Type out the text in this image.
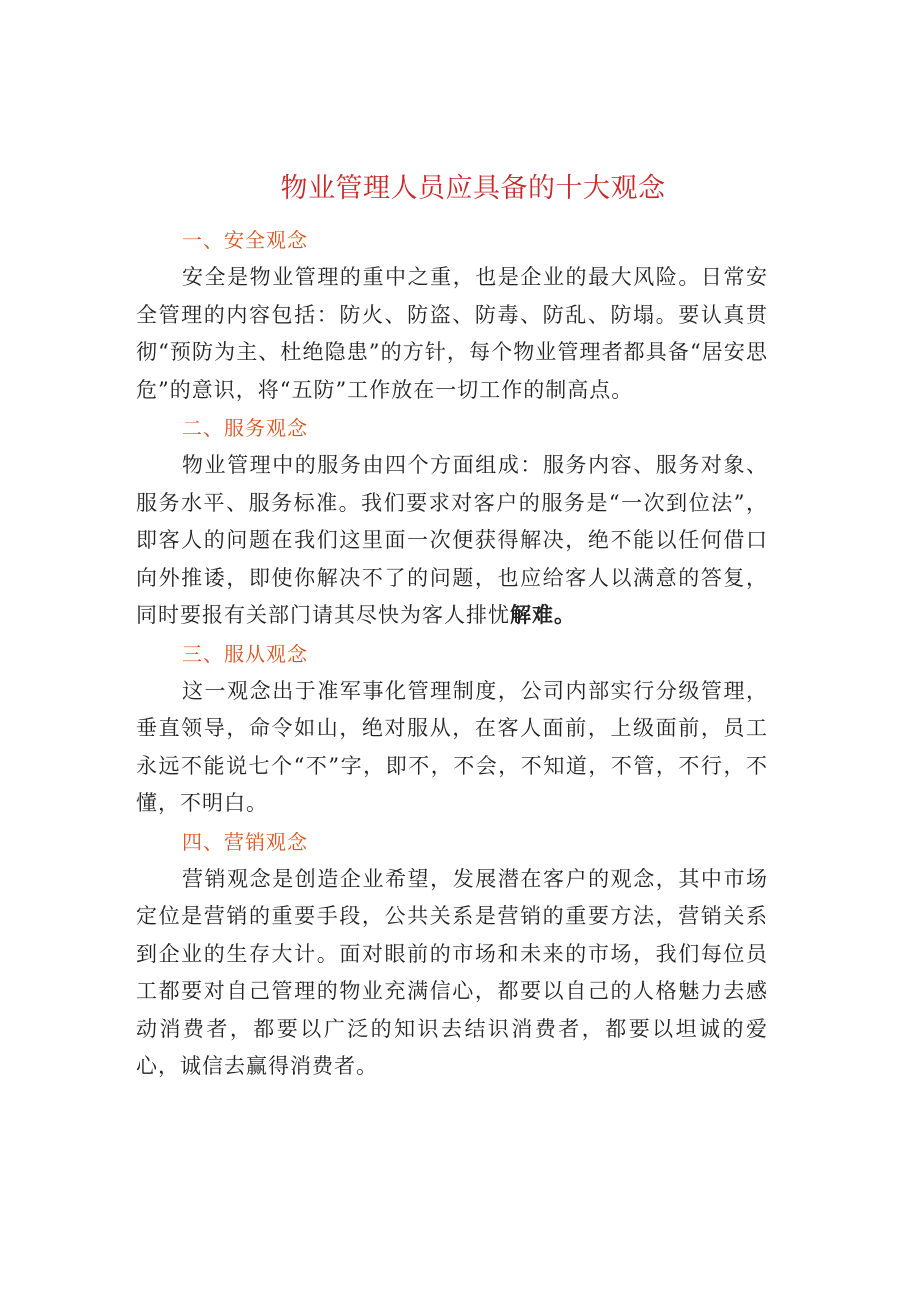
物业管理人员应具备的十大观念
一、安全观念

安全是物业管理的重中之重，也是企业的最大风险。日常安全管理的内容包括：防火、防盗、防毒、防乱、防塌。要认真贯彻“预防为主、杜绝隐患”的方针，每个物业管理者都具备“居安思危”的意识，将“五防”工作放在一切工作的制高点。

二、服务观念

物业管理中的服务由四个方面组成：服务内容、服务对象、服务水平、服务标准。我们要求对客户的服务是“一次到位法”，即客人的问题在我们这里面一次便获得解决，绝不能以任何借口向外推诿，即使你解决不了的问题，也应给客人以满意的答复，同时要报有关部门请其尽快为客人排忧解难。

三、服从观念

这一观念出于准军事化管理制度，公司内部实行分级管理，垂直领导，命令如山，绝对服从，在客人面前，上级面前，员工永远不能说七个“不”字，即不，不会，不知道，不管，不行，不懂，不明白。

四、营销观念

营销观念是创造企业希望，发展潜在客户的观念，其中市场定位是营销的重要手段，公共关系是营销的重要方法，营销关系到企业的生存大计。面对眼前的市场和未来的市场，我们每位员工都要对自己管理的物业充满信心，都要以自己的人格魅力去感动消费者，都要以广泛的知识去结识消费者，都要以坦诚的爱心，诚信去赢得消费者。
